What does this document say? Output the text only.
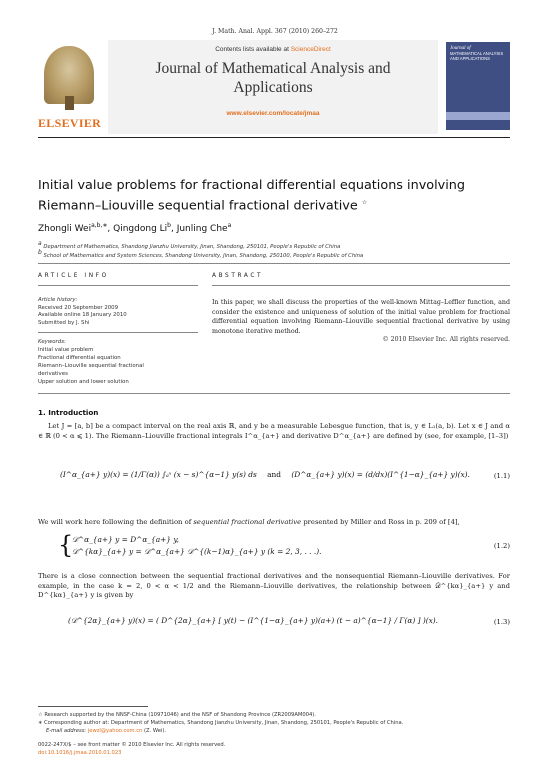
J. Math. Anal. Appl. 367 (2010) 260–272
ELSEVIER
Contents lists available at ScienceDirect
Journal of Mathematical Analysis and Applications
www.elsevier.com/locate/jmaa
Journal of
MATHEMATICAL ANALYSIS AND APPLICATIONS
Initial value problems for fractional differential equations involving
Riemann–Liouville sequential fractional derivative ☆
Zhongli Wei$^{a,b,∗}$, Qingdong Li$^b$, Junling Che$^a$
a Department of Mathematics, Shandong Jianzhu University, Jinan, Shandong, 250101, People's Republic of China
b School of Mathematics and System Sciences, Shandong University, Jinan, Shandong, 250100, People's Republic of China
ARTICLE INFO	ABSTRACT
Article history:
Received 20 September 2009
Available online 18 January 2010
Submitted by J. Shi
Keywords:
Initial value problem
Fractional differential equation
Riemann–Liouville sequential fractional
derivatives
Upper solution and lower solution
In this paper, we shall discuss the properties of the well-known Mittag–Leffler function, and consider the existence and uniqueness of solution of the initial value problem for fractional differential equation involving Riemann–Liouville sequential fractional derivative by using monotone iterative method.
© 2010 Elsevier Inc. All rights reserved.
1. Introduction
Let J = [a, b] be a compact interval on the real axis ℝ, and y be a measurable Lebesgue function, that is, y ∈ L₁(a, b). Let x ∈ J and α ∈ ℝ (0 < α ⩽ 1). The Riemann–Liouville fractional integrals I^α_{a+} and derivative D^α_{a+} are defined by (see, for example, [1–3])
(I^α_{a+} y)(x) = (1/Γ(α)) ∫ₐˣ (x − s)^{α−1} y(s) ds and (D^α_{a+} y)(x) = (d/dx)(I^{1−α}_{a+} y)(x).	(1.1)
We will work here following the definition of sequential fractional derivative presented by Miller and Ross in p. 209 of [4],
{
𝒟^α_{a+} y = D^α_{a+} y,
𝒟^{kα}_{a+} y = 𝒟^α_{a+} 𝒟^{(k−1)α}_{a+} y (k = 2, 3, . . .).
(1.2)
There is a close connection between the sequential fractional derivatives and the nonsequential Riemann–Liouville derivatives. For example, in the case k = 2, 0 < α < 1/2 and the Riemann–Liouville derivatives, the relationship between 𝒟^{kα}_{a+} y and D^{kα}_{a+} y is given by
(𝒟^{2α}_{a+} y)(x) = ( D^{2α}_{a+} [ y(t) − (I^{1−α}_{a+} y)(a+) (t − a)^{α−1} / Γ(α) ] )(x).	(1.3)
☆ Research supported by the NNSF-China (10971046) and the NSF of Shandong Province (ZR2009AM004).
∗ Corresponding author at: Department of Mathematics, Shandong Jianzhu University, Jinan, Shandong, 250101, People's Republic of China.
E-mail address: jewzl@yahoo.com.cn (Z. Wei).
0022-247X/$ – see front matter © 2010 Elsevier Inc. All rights reserved.
doi:10.1016/j.jmaa.2010.01.023
